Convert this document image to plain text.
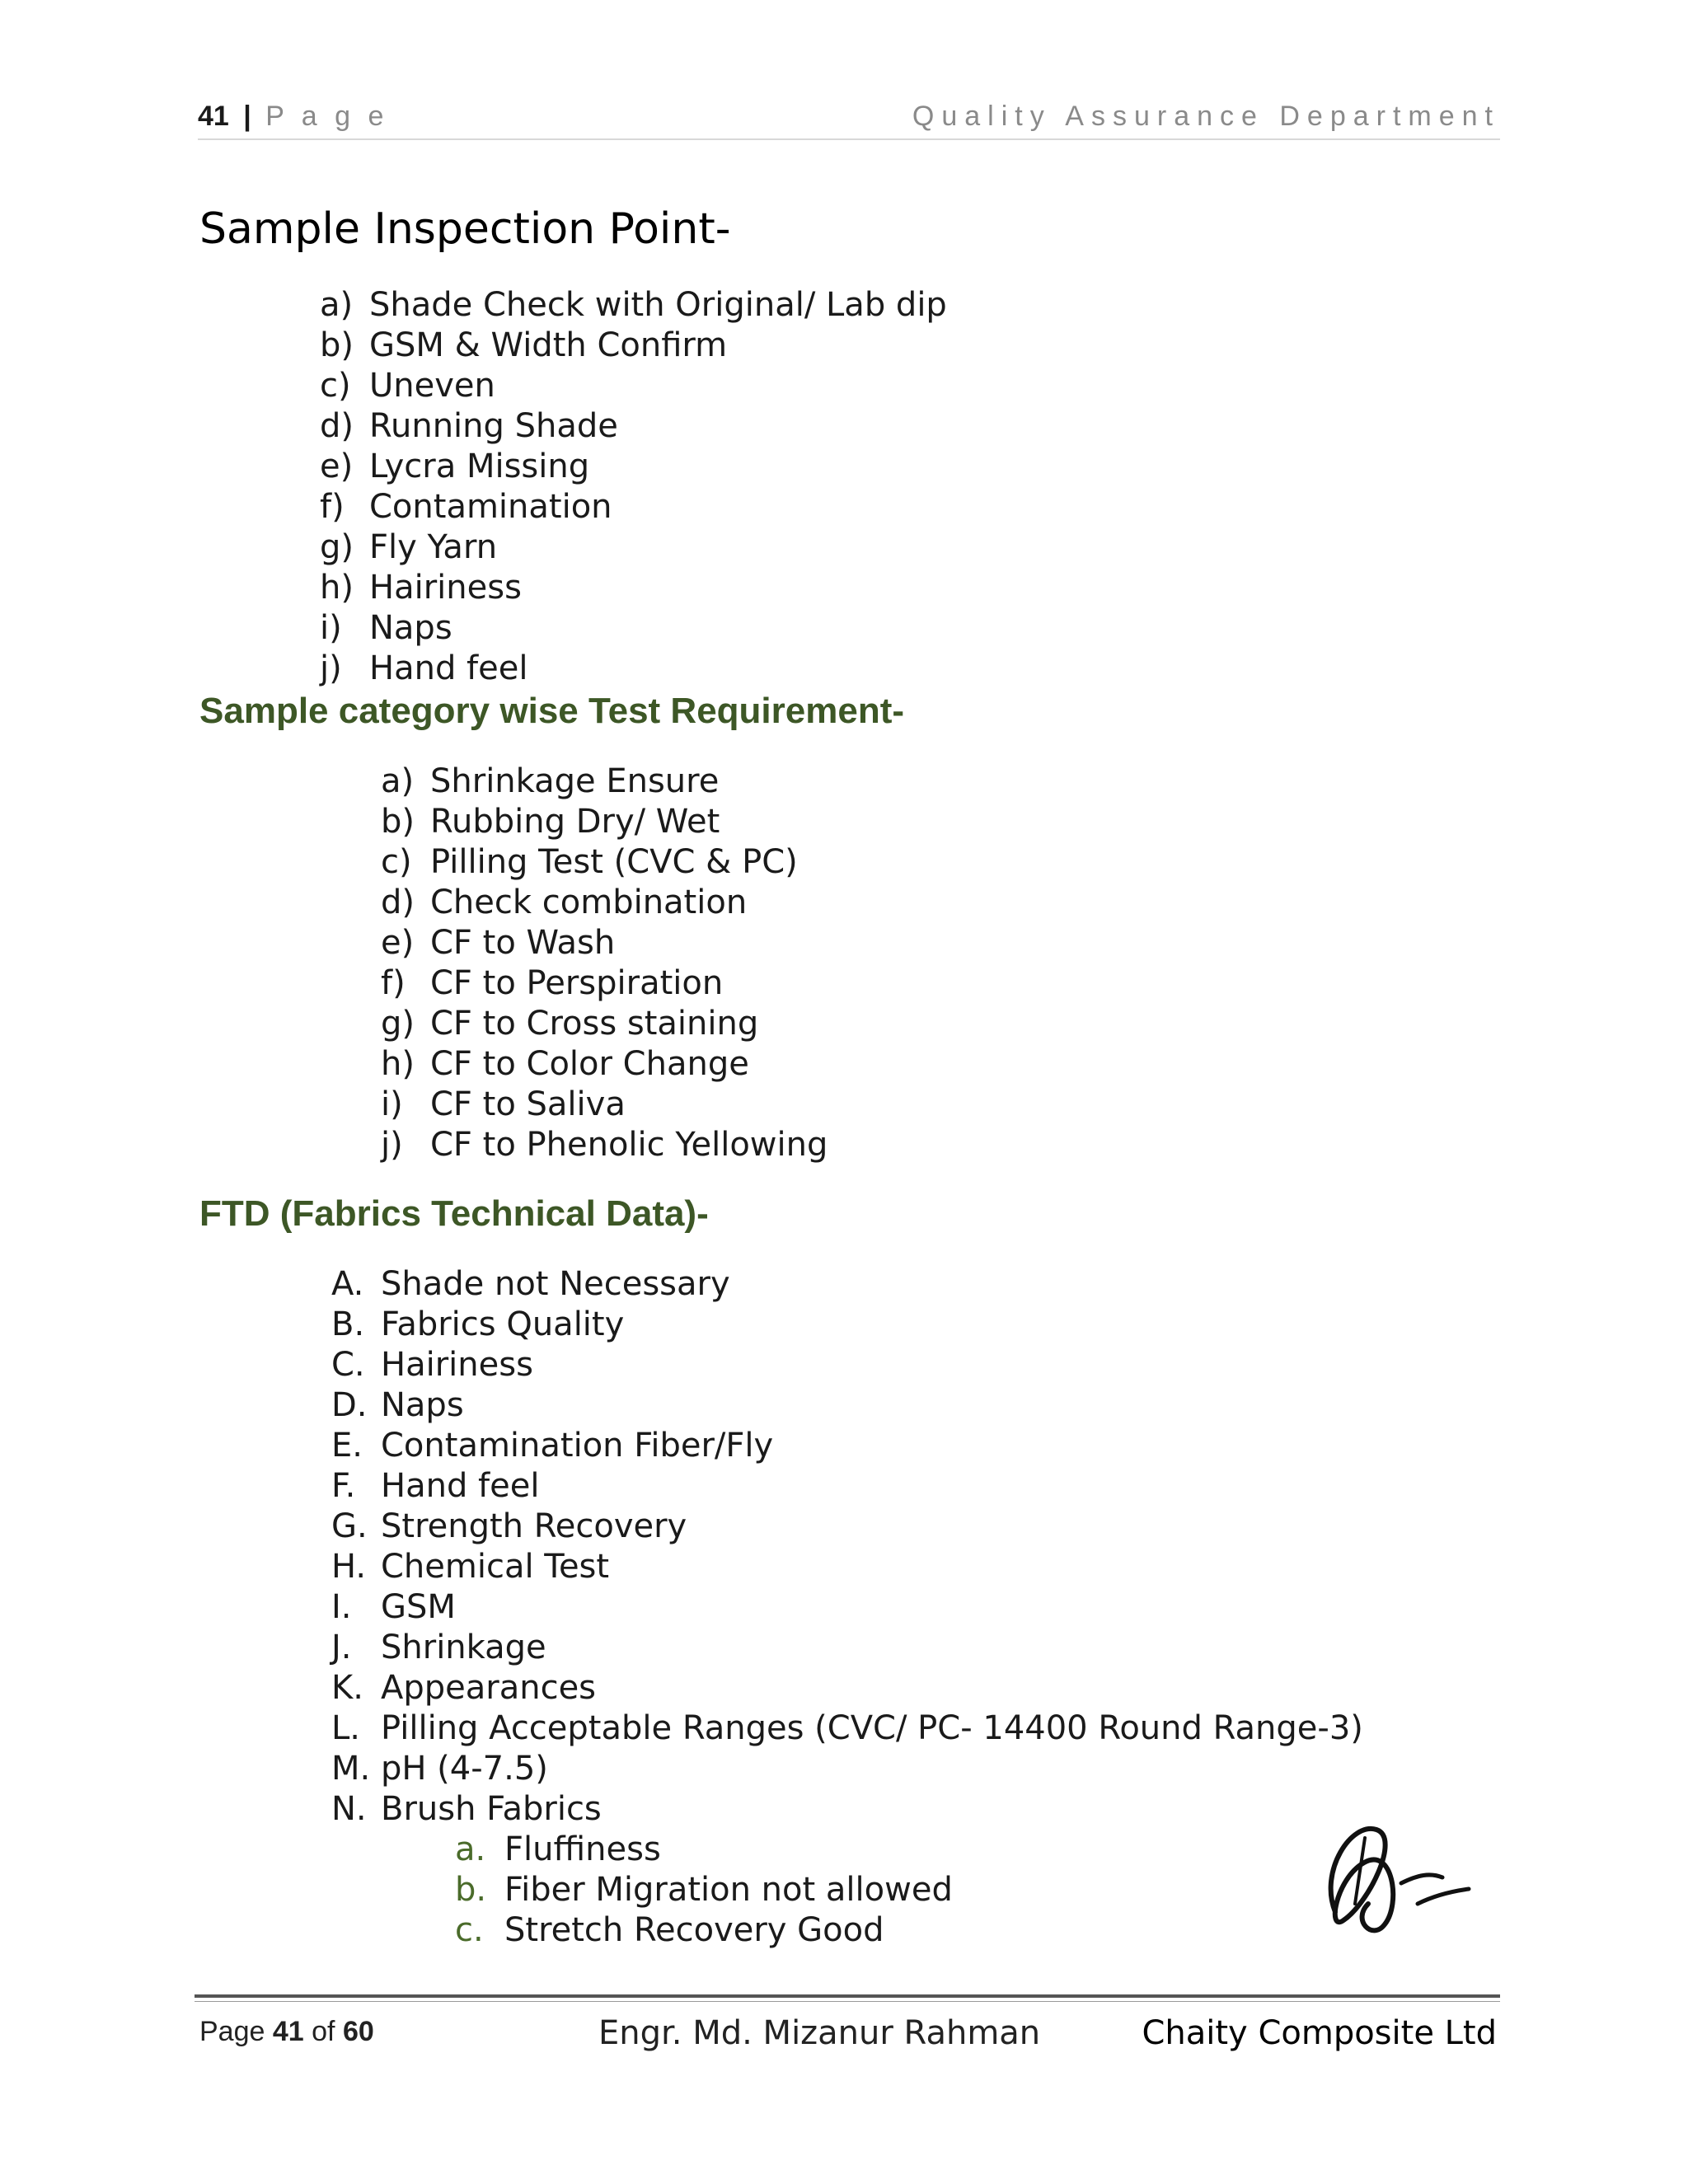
41 | P a g e	Quality Assurance Department
Sample Inspection Point-
a) Shade Check with Original/ Lab dip
b) GSM & Width Confirm
c) Uneven
d) Running Shade
e) Lycra Missing
f) Contamination
g) Fly Yarn
h) Hairiness
i) Naps
j) Hand feel
Sample category wise Test Requirement-
a) Shrinkage Ensure
b) Rubbing Dry/ Wet
c) Pilling Test (CVC & PC)
d) Check combination
e) CF to Wash
f) CF to Perspiration
g) CF to Cross staining
h) CF to Color Change
i) CF to Saliva
j) CF to Phenolic Yellowing
FTD (Fabrics Technical Data)-
A. Shade not Necessary
B. Fabrics Quality
C. Hairiness
D. Naps
E. Contamination Fiber/Fly
F. Hand feel
G. Strength Recovery
H. Chemical Test
I. GSM
J. Shrinkage
K. Appearances
L. Pilling Acceptable Ranges (CVC/ PC- 14400 Round Range-3)
M. pH (4-7.5)
N. Brush Fabrics
a. Fluffiness
b. Fiber Migration not allowed
c. Stretch Recovery Good
Page 41 of 60	Engr. Md. Mizanur Rahman	Chaity Composite Ltd
